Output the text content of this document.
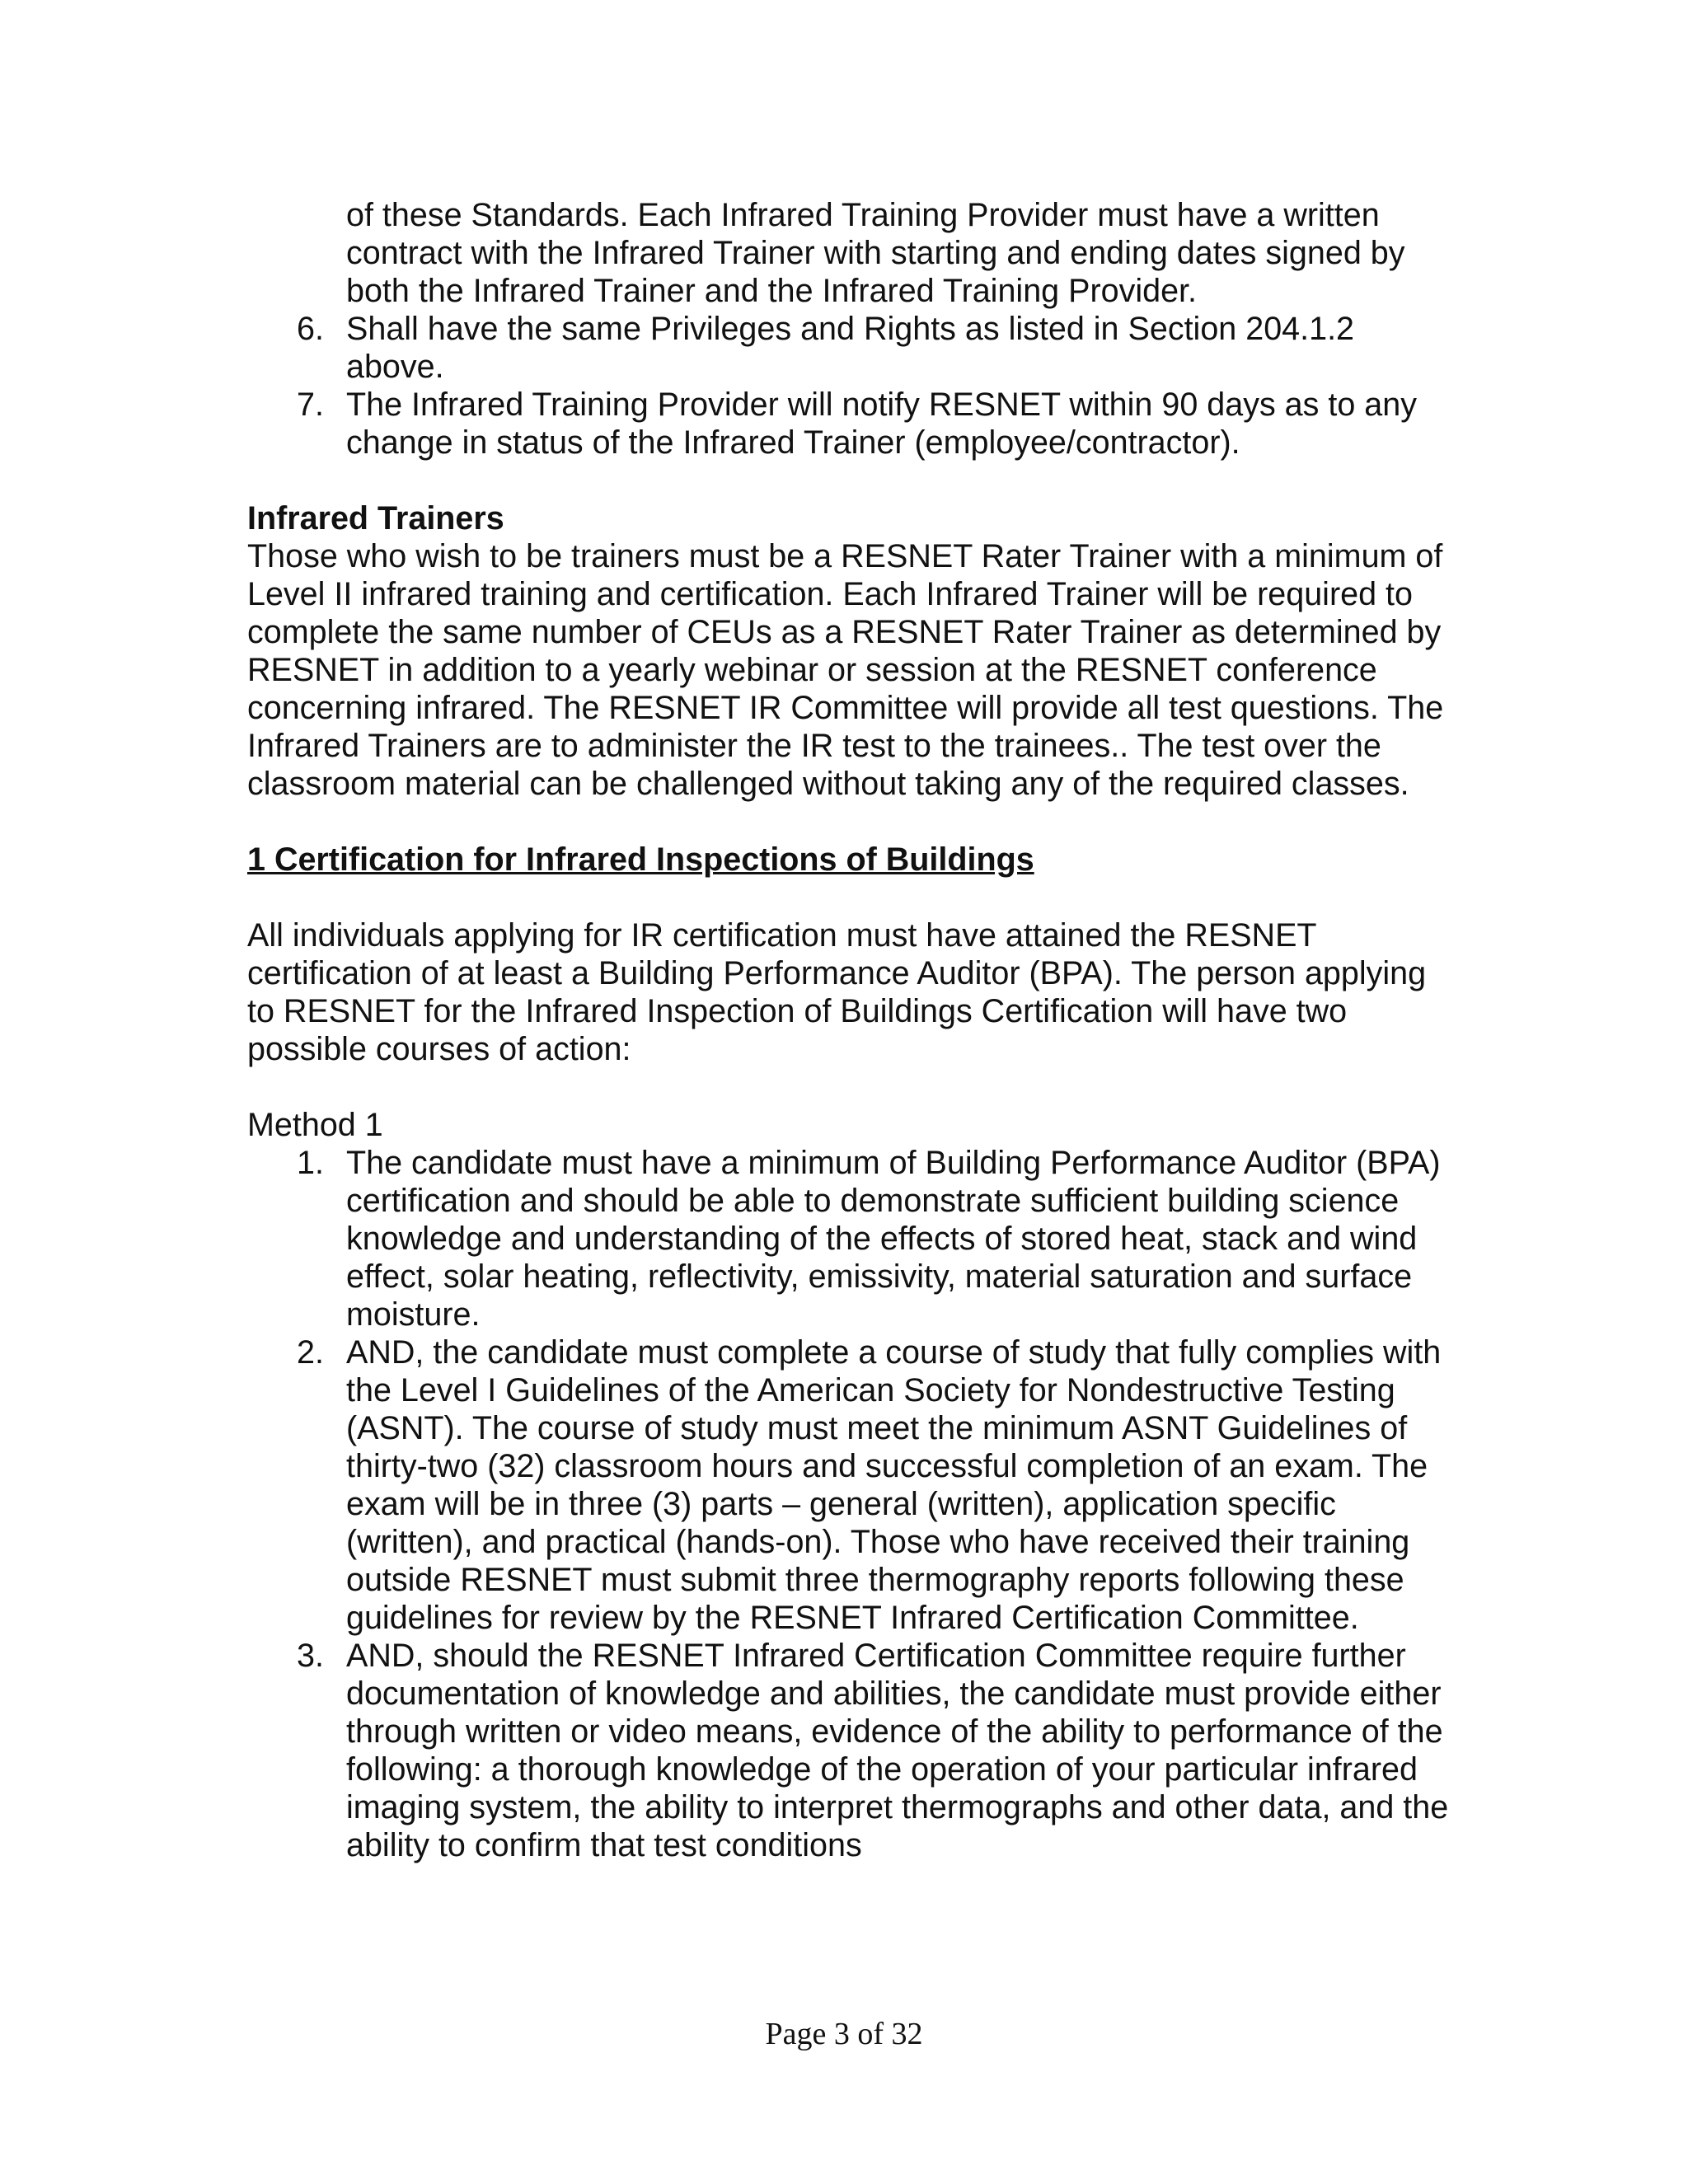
of these Standards. Each Infrared Training Provider must have a written contract with the Infrared Trainer with starting and ending dates signed by both the Infrared Trainer and the Infrared Training Provider.
6. Shall have the same Privileges and Rights as listed in Section 204.1.2 above.
7. The Infrared Training Provider will notify RESNET within 90 days as to any change in status of the Infrared Trainer (employee/contractor).

Infrared Trainers

Those who wish to be trainers must be a RESNET Rater Trainer with a minimum of Level II infrared training and certification. Each Infrared Trainer will be required to complete the same number of CEUs as a RESNET Rater Trainer as determined by RESNET in addition to a yearly webinar or session at the RESNET conference concerning infrared. The RESNET IR Committee will provide all test questions. The Infrared Trainers are to administer the IR test to the trainees.. The test over the classroom material can be challenged without taking any of the required classes.

1 Certification for Infrared Inspections of Buildings

All individuals applying for IR certification must have attained the RESNET certification of at least a Building Performance Auditor (BPA). The person applying to RESNET for the Infrared Inspection of Buildings Certification will have two possible courses of action:

Method 1

1. The candidate must have a minimum of Building Performance Auditor (BPA) certification and should be able to demonstrate sufficient building science knowledge and understanding of the effects of stored heat, stack and wind effect, solar heating, reflectivity, emissivity, material saturation and surface moisture.
2. AND, the candidate must complete a course of study that fully complies with the Level I Guidelines of the American Society for Nondestructive Testing (ASNT). The course of study must meet the minimum ASNT Guidelines of thirty-two (32) classroom hours and successful completion of an exam. The exam will be in three (3) parts – general (written), application specific (written), and practical (hands-on). Those who have received their training outside RESNET must submit three thermography reports following these guidelines for review by the RESNET Infrared Certification Committee.
3. AND, should the RESNET Infrared Certification Committee require further documentation of knowledge and abilities, the candidate must provide either through written or video means, evidence of the ability to performance of the following: a thorough knowledge of the operation of your particular infrared imaging system, the ability to interpret thermographs and other data, and the ability to confirm that test conditions
Page 3 of 32
